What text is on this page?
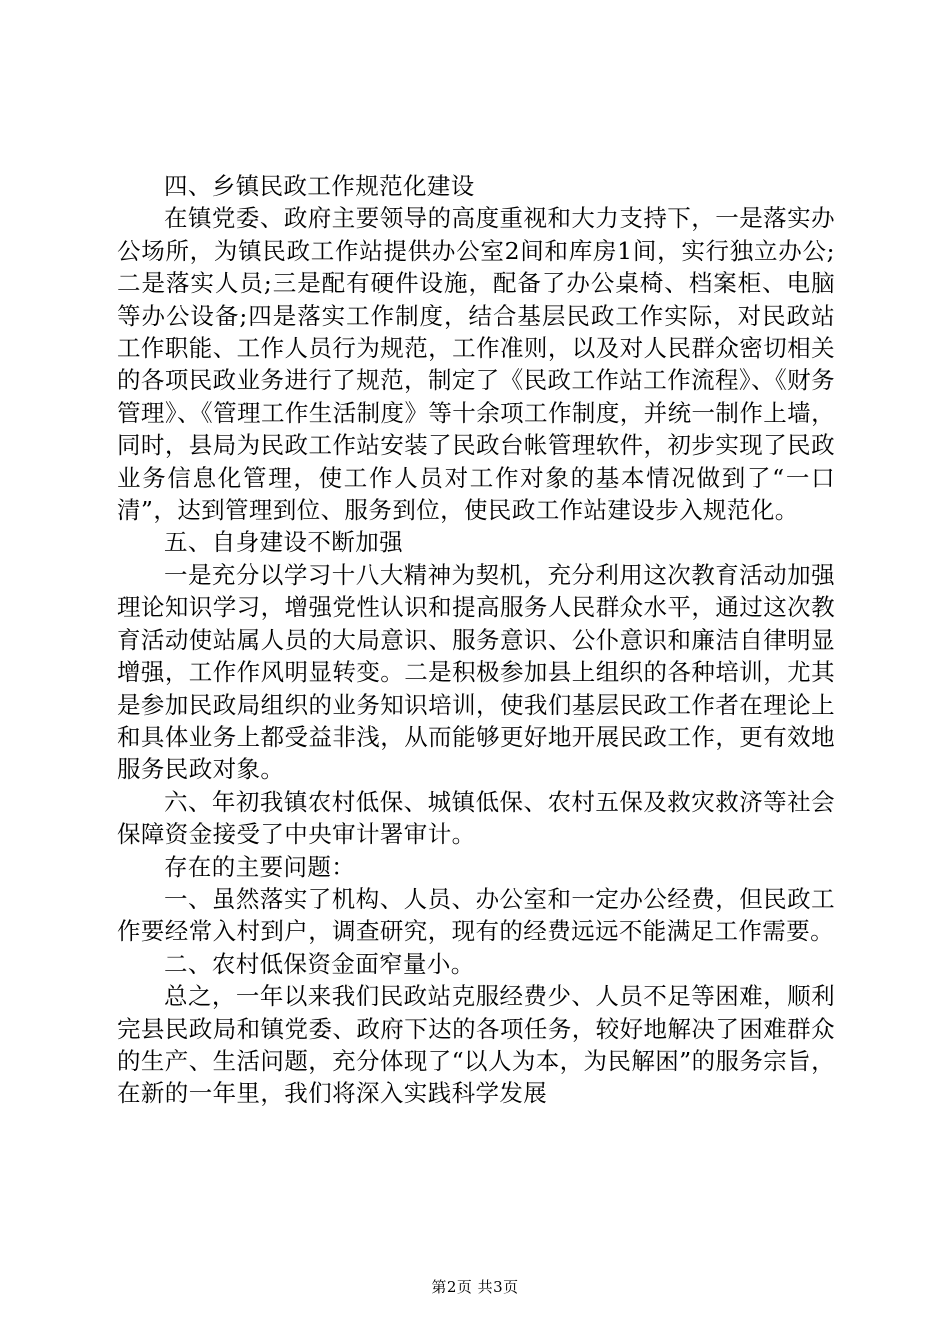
四、乡镇民政工作规范化建设

在镇党委、政府主要领导的高度重视和大力支持下，一是落实办公场所，为镇民政工作站提供办公室2间和库房1间，实行独立办公;二是落实人员;三是配有硬件设施，配备了办公桌椅、档案柜、电脑等办公设备;四是落实工作制度，结合基层民政工作实际，对民政站工作职能、工作人员行为规范，工作准则，以及对人民群众密切相关的各项民政业务进行了规范，制定了《民政工作站工作流程》、《财务管理》、《管理工作生活制度》等十余项工作制度，并统一制作上墙，同时，县局为民政工作站安装了民政台帐管理软件，初步实现了民政业务信息化管理，使工作人员对工作对象的基本情况做到了“一口清”，达到管理到位、服务到位，使民政工作站建设步入规范化。

五、自身建设不断加强

一是充分以学习十八大精神为契机，充分利用这次教育活动加强理论知识学习，增强党性认识和提高服务人民群众水平，通过这次教育活动使站属人员的大局意识、服务意识、公仆意识和廉洁自律明显增强，工作作风明显转变。二是积极参加县上组织的各种培训，尤其是参加民政局组织的业务知识培训，使我们基层民政工作者在理论上和具体业务上都受益非浅，从而能够更好地开展民政工作，更有效地服务民政对象。

六、年初我镇农村低保、城镇低保、农村五保及救灾救济等社会保障资金接受了中央审计署审计。

存在的主要问题：

一、虽然落实了机构、人员、办公室和一定办公经费，但民政工作要经常入村到户，调查研究，现有的经费远远不能满足工作需要。

二、农村低保资金面窄量小。

总之，一年以来我们民政站克服经费少、人员不足等困难，顺利完县民政局和镇党委、政府下达的各项任务，较好地解决了困难群众的生产、生活问题，充分体现了“以人为本，为民解困”的服务宗旨，在新的一年里，我们将深入实践科学发展

第2页 共3页
